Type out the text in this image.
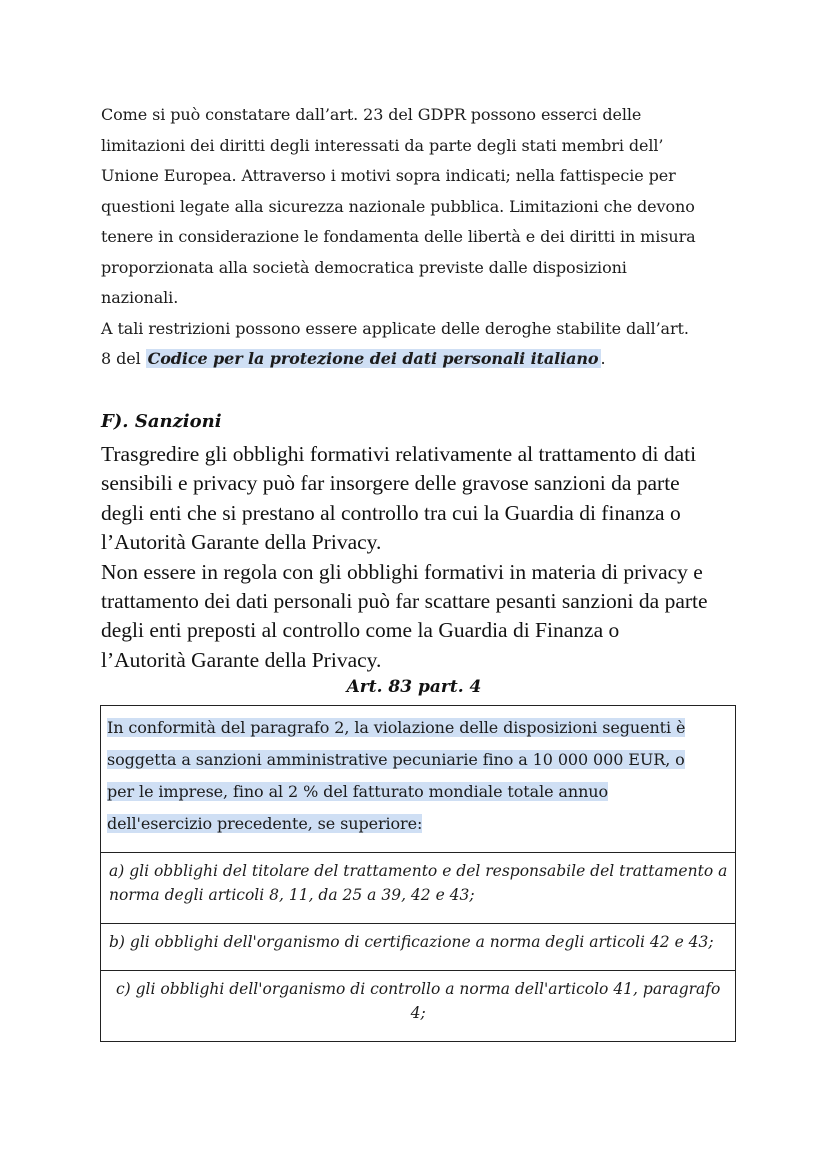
Come si può constatare dall’art. 23 del GDPR possono esserci delle
limitazioni dei diritti degli interessati da parte degli stati membri dell’
Unione Europea. Attraverso i motivi sopra indicati; nella fattispecie per
questioni legate alla sicurezza nazionale pubblica. Limitazioni che devono
tenere in considerazione le fondamenta delle libertà e dei diritti in misura
proporzionata alla società democratica previste dalle disposizioni
nazionali.
A tali restrizioni possono essere applicate delle deroghe stabilite dall’art.
8 del Codice per la protezione dei dati personali italiano .
F). Sanzioni
Trasgredire gli obblighi formativi relativamente al trattamento di dati
sensibili e privacy può far insorgere delle gravose sanzioni da parte
degli enti che si prestano al controllo tra cui la Guardia di finanza o
l’Autorità Garante della Privacy.
Non essere in regola con gli obblighi formativi in materia di privacy e
trattamento dei dati personali può far scattare pesanti sanzioni da parte
degli enti preposti al controllo come la Guardia di Finanza o
l’Autorità Garante della Privacy.
Art. 83 part. 4
In conformità del paragrafo 2, la violazione delle disposizioni seguenti è
soggetta a sanzioni amministrative pecuniarie fino a 10 000 000 EUR, o
per le imprese, fino al 2 % del fatturato mondiale totale annuo
dell'esercizio precedente, se superiore:

a) gli obblighi del titolare del trattamento e del responsabile del trattamento a
norma degli articoli 8, 11, da 25 a 39, 42 e 43;

b) gli obblighi dell'organismo di certificazione a norma degli articoli 42 e 43;

c) gli obblighi dell'organismo di controllo a norma dell'articolo 41, paragrafo
4;
